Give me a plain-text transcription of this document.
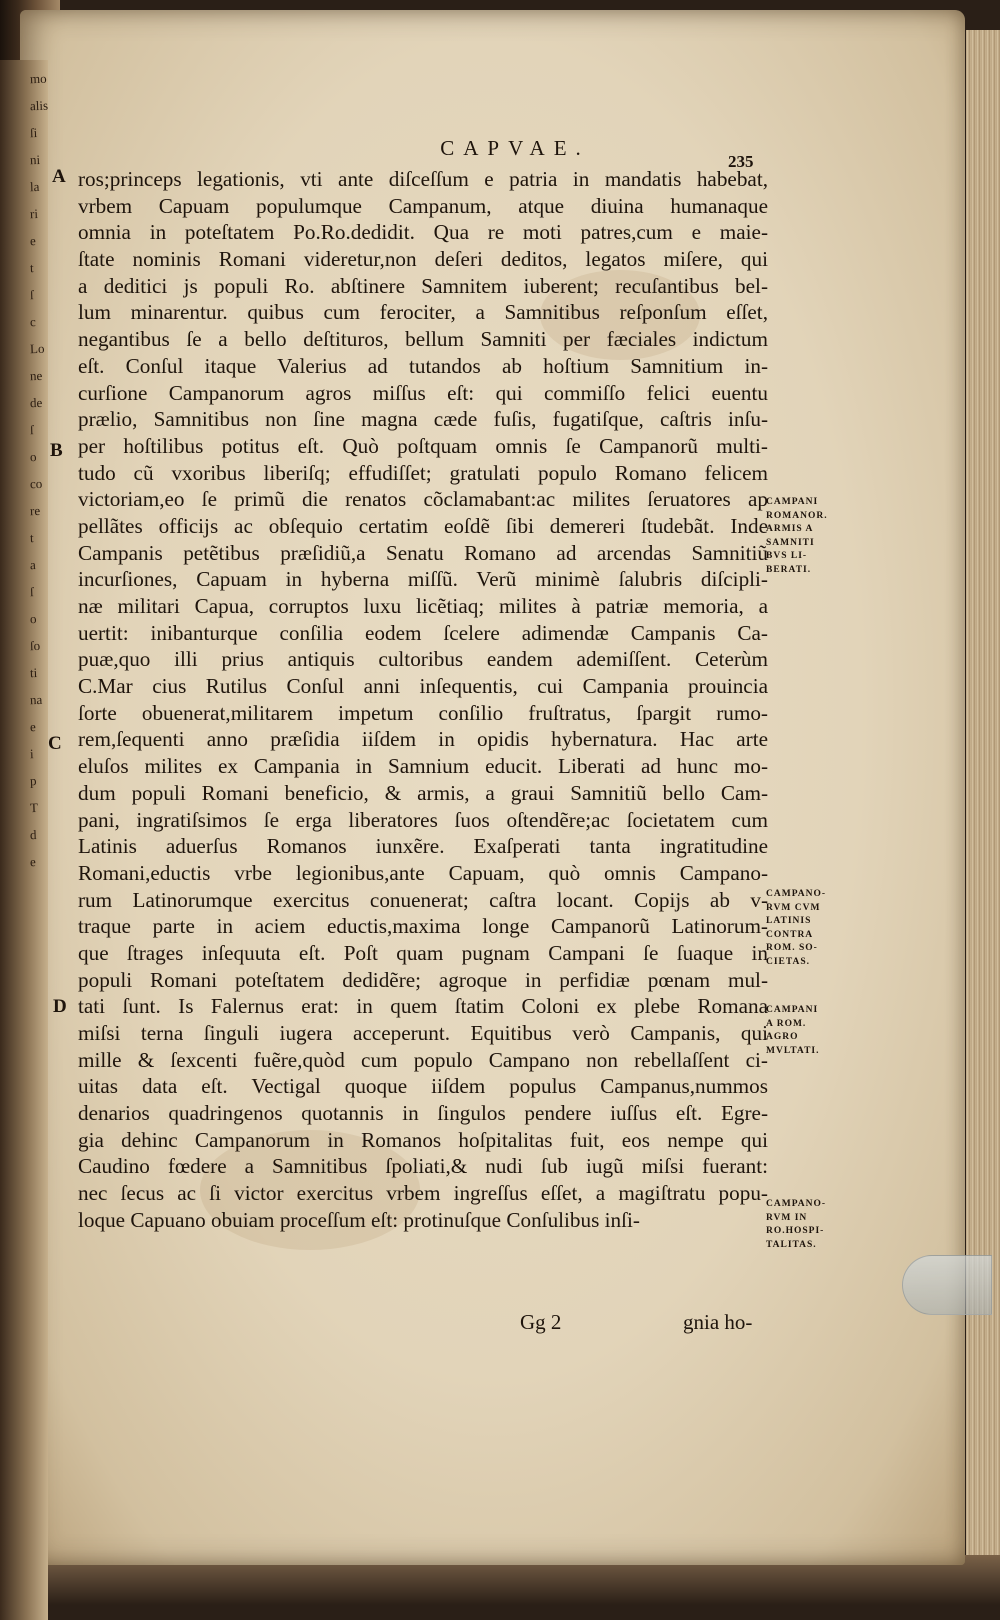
mo
alis
ſi
ni
la
ri
e
t
ſ
c
Lo
ne
de
ſ
o
co
re
t
a
ſ
o
ſo
ti
na
e
i
p
T
d
e
CAPVAE.
235
A
B
C
D
ros;princeps legationis, vti ante diſceſſum e patria in mandatis habebat,
vrbem Capuam populumque Campanum, atque diuina humanaque
omnia in poteſtatem Po.Ro.dedidit. Qua re moti patres,cum e maie-
ſtate nominis Romani videretur,non deſeri deditos, legatos miſere, qui
a deditici js populi Ro. abſtinere Samnitem iuberent; recuſantibus bel-
lum minarentur. quibus cum ferociter, a Samnitibus reſponſum eſſet,
negantibus ſe a bello deſtituros, bellum Samniti per fæciales indictum
eſt. Conſul itaque Valerius ad tutandos ab hoſtium Samnitium in-
curſione Campanorum agros miſſus eſt: qui commiſſo felici euentu
prælio, Samnitibus non ſine magna cæde fuſis, fugatiſque, caſtris inſu-
per hoſtilibus potitus eſt. Quò poſtquam omnis ſe Campanorũ multi-
tudo cũ vxoribus liberiſq; effudiſſet; gratulati populo Romano felicem
victoriam,eo ſe primũ die renatos cõclamabant:ac milites ſeruatores ap
pellãtes officijs ac obſequio certatim eoſdẽ ſibi demereri ſtudebãt. Inde
Campanis petẽtibus præſidiũ,a Senatu Romano ad arcendas Samnitiũ
incurſiones, Capuam in hyberna miſſũ. Verũ minimè ſalubris diſcipli-
næ militari Capua, corruptos luxu licẽtiaq; milites à patriæ memoria, a
uertit: inibanturque conſilia eodem ſcelere adimendæ Campanis Ca-
puæ,quo illi prius antiquis cultoribus eandem ademiſſent. Ceterùm
C.Mar cius Rutilus Conſul anni inſequentis, cui Campania prouincia
ſorte obuenerat,militarem impetum conſilio fruſtratus, ſpargit rumo-
rem,ſequenti anno præſidia iiſdem in opidis hybernatura. Hac arte
eluſos milites ex Campania in Samnium educit. Liberati ad hunc mo-
dum populi Romani beneficio, & armis, a graui Samnitiũ bello Cam-
pani, ingratiſsimos ſe erga liberatores ſuos oſtendẽre;ac ſocietatem cum
Latinis aduerſus Romanos iunxẽre. Exaſperati tanta ingratitudine
Romani,eductis vrbe legionibus,ante Capuam, quò omnis Campano-
rum Latinorumque exercitus conuenerat; caſtra locant. Copijs ab v-
traque parte in aciem eductis,maxima longe Campanorũ Latinorum-
que ſtrages inſequuta eſt. Poſt quam pugnam Campani ſe ſuaque in
populi Romani poteſtatem dedidẽre; agroque in perfidiæ pœnam mul-
tati ſunt. Is Falernus erat: in quem ſtatim Coloni ex plebe Romana
miſsi terna ſinguli iugera acceperunt. Equitibus verò Campanis, qui
mille & ſexcenti fuẽre,quòd cum populo Campano non rebellaſſent ci-
uitas data eſt. Vectigal quoque iiſdem populus Campanus,nummos
denarios quadringenos quotannis in ſingulos pendere iuſſus eſt. Egre-
gia dehinc Campanorum in Romanos hoſpitalitas fuit, eos nempe qui
Caudino fœdere a Samnitibus ſpoliati,& nudi ſub iugũ miſsi fuerant:
nec ſecus ac ſi victor exercitus vrbem ingreſſus eſſet, a magiſtratu popu-
loque Capuano obuiam proceſſum eſt: protinuſque Conſulibus inſi-
CAMPANI
ROMANOR.
ARMIS A
SAMNITI
BVS LI-
BERATI.
CAMPANO-
RVM CVM
LATINIS
CONTRA
ROM. SO-
CIETAS.
CAMPANI
A ROM.
AGRO
MVLTATI.
CAMPANO-
RVM IN
RO.HOSPI-
TALITAS.
Gg 2	gnia ho-
